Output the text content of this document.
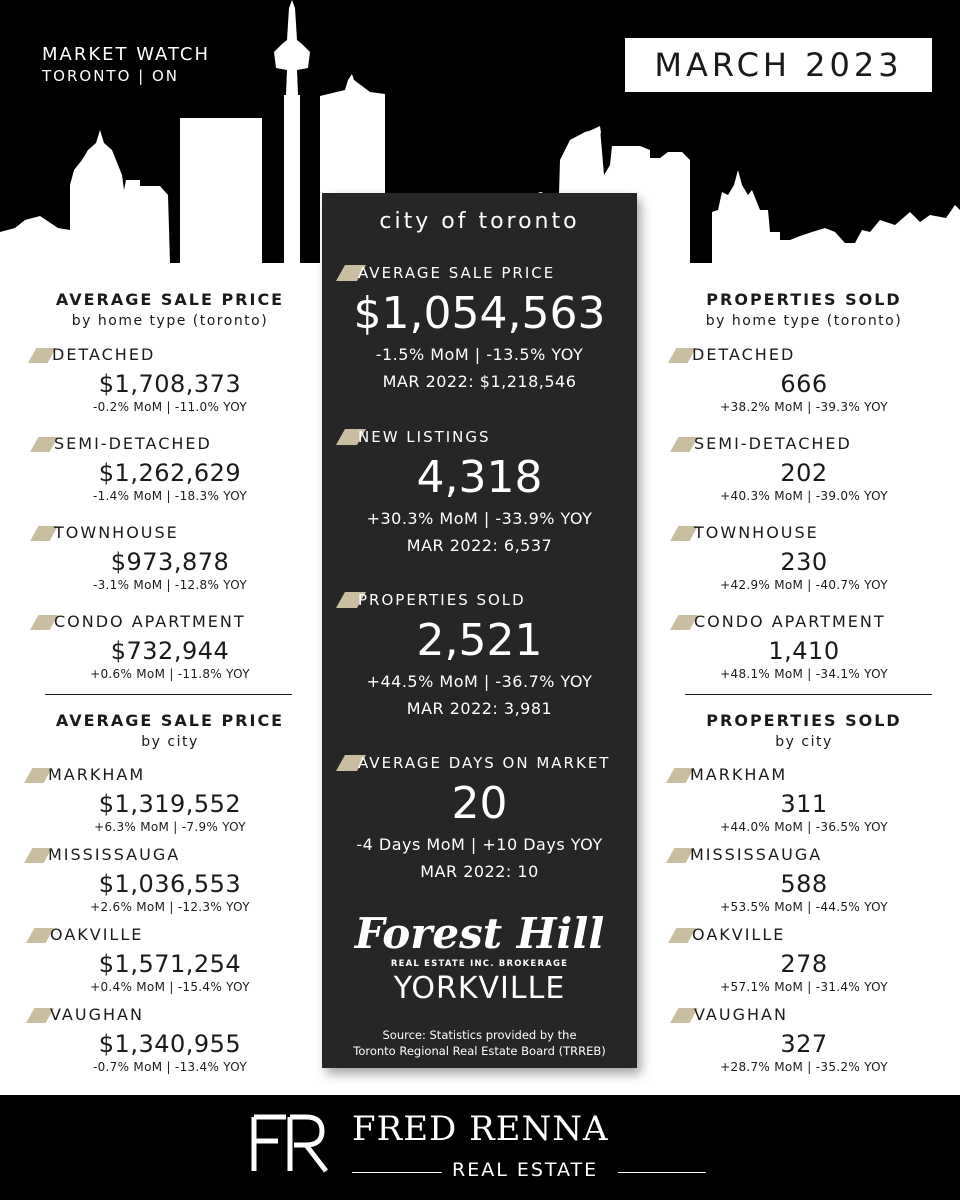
MARKET WATCH
TORONTO | ON	MARCH 2023
AVERAGE SALE PRICE
by home type (toronto)
DETACHED
$1,708,373
-0.2% MoM | -11.0% YOY
SEMI-DETACHED
$1,262,629
-1.4% MoM | -18.3% YOY
TOWNHOUSE
$973,878
-3.1% MoM | -12.8% YOY
CONDO APARTMENT
$732,944
+0.6% MoM | -11.8% YOY
AVERAGE SALE PRICE
by city
MARKHAM
$1,319,552
+6.3% MoM | -7.9% YOY
MISSISSAUGA
$1,036,553
+2.6% MoM | -12.3% YOY
OAKVILLE
$1,571,254
+0.4% MoM | -15.4% YOY
VAUGHAN
$1,340,955
-0.7% MoM | -13.4% YOY
city of toronto
AVERAGE SALE PRICE
$1,054,563
-1.5% MoM | -13.5% YOY
MAR 2022: $1,218,546
NEW LISTINGS
4,318
+30.3% MoM | -33.9% YOY
MAR 2022: 6,537
PROPERTIES SOLD
2,521
+44.5% MoM | -36.7% YOY
MAR 2022: 3,981
AVERAGE DAYS ON MARKET
20
-4 Days MoM | +10 Days YOY
MAR 2022: 10
Forest Hill
REAL ESTATE INC. BROKERAGE
YORKVILLE
Source: Statistics provided by the
Toronto Regional Real Estate Board (TRREB)
PROPERTIES SOLD
by home type (toronto)
DETACHED
666
+38.2% MoM | -39.3% YOY
SEMI-DETACHED
202
+40.3% MoM | -39.0% YOY
TOWNHOUSE
230
+42.9% MoM | -40.7% YOY
CONDO APARTMENT
1,410
+48.1% MoM | -34.1% YOY
PROPERTIES SOLD
by city
MARKHAM
311
+44.0% MoM | -36.5% YOY
MISSISSAUGA
588
+53.5% MoM | -44.5% YOY
OAKVILLE
278
+57.1% MoM | -31.4% YOY
VAUGHAN
327
+28.7% MoM | -35.2% YOY
FRED RENNA
REAL ESTATE
